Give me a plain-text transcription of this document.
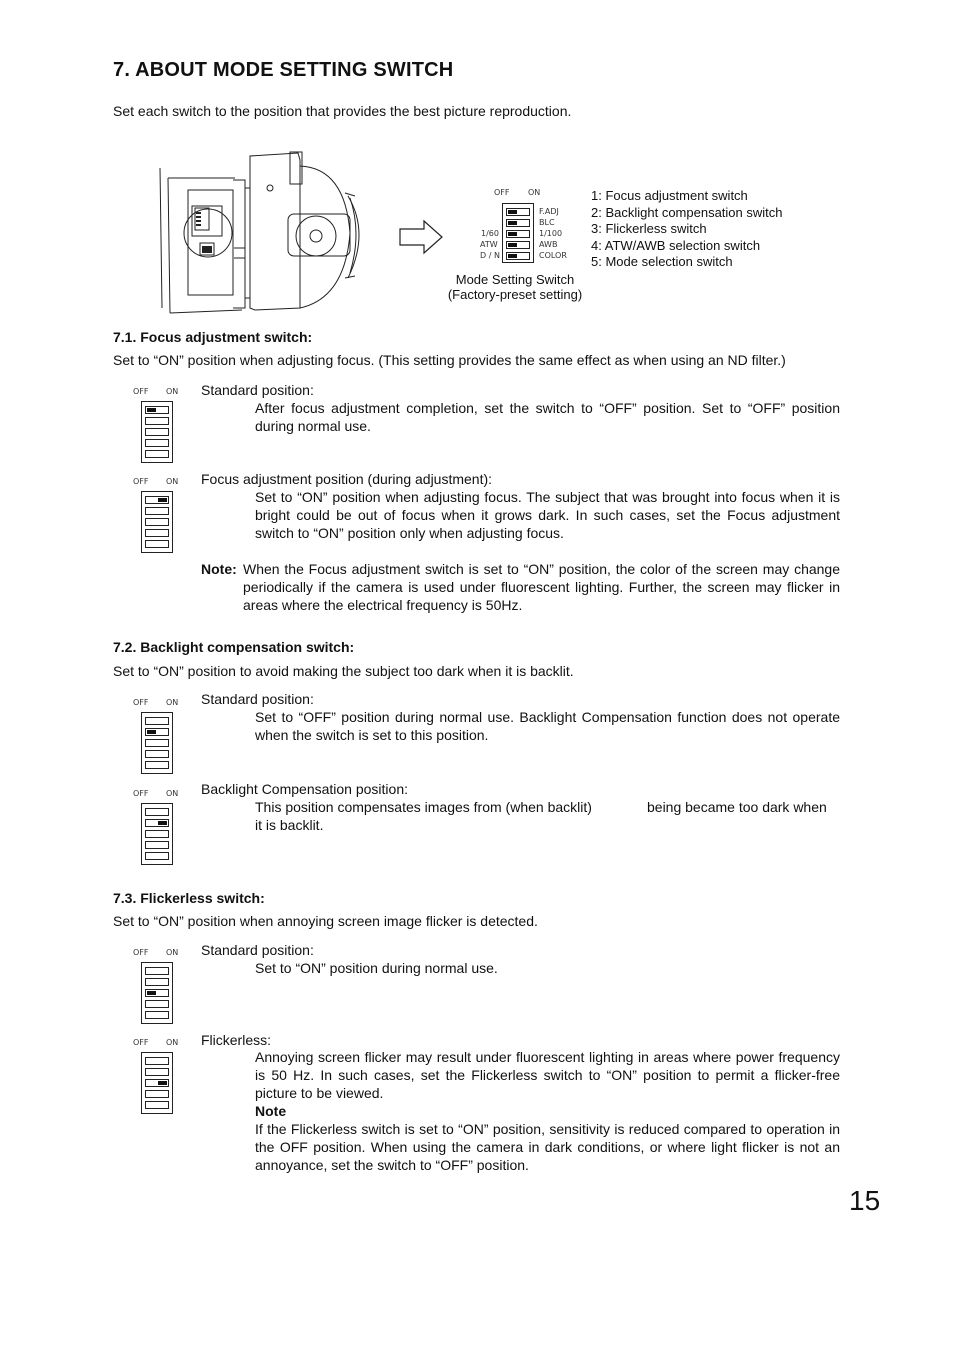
7. ABOUT MODE SETTING SWITCH
Set each switch to the position that provides the best picture reproduction.
OFF ON
F.ADJ
BLC
1/100
AWB
COLOR
1/60
ATW
D / N
Mode Setting Switch
(Factory-preset setting)
1: Focus adjustment switch
2: Backlight compensation switch
3: Flickerless switch
4: ATW/AWB selection switch
5: Mode selection switch
7.1. Focus adjustment switch:
Set to “ON” position when adjusting focus. (This setting provides the same effect as when using an ND filter.)
OFF ON Standard position:
After focus adjustment completion, set the switch to “OFF” position. Set to “OFF” position during normal use.
OFF ON Focus adjustment position (during adjustment):
Set to “ON” position when adjusting focus. The subject that was brought into focus when it is bright could be out of focus when it grows dark. In such cases, set the Focus adjustment switch to “ON” position only when adjusting focus.
Note: When the Focus adjustment switch is set to “ON” position, the color of the screen may change periodically if the camera is used under fluorescent lighting. Further, the screen may flicker in areas where the electrical frequency is 50Hz.
7.2. Backlight compensation switch:
Set to “ON” position to avoid making the subject too dark when it is backlit.
OFF ON Standard position:
Set to “OFF” position during normal use. Backlight Compensation function does not operate when the switch is set to this position.
OFF ON Backlight Compensation position:
This position compensates images from (when backlit)	being became too dark when
it is backlit.
7.3. Flickerless switch:
Set to “ON” position when annoying screen image flicker is detected.
OFF ON Standard position:
Set to “ON” position during normal use.
OFF ON Flickerless:
Annoying screen flicker may result under fluorescent lighting in areas where power frequency is 50 Hz. In such cases, set the Flickerless switch to “ON” position to permit a flicker-free picture to be viewed.
Note
If the Flickerless switch is set to “ON” position, sensitivity is reduced compared to operation in the OFF position. When using the camera in dark conditions, or where light flicker is not an annoyance, set the switch to “OFF” position.
15
